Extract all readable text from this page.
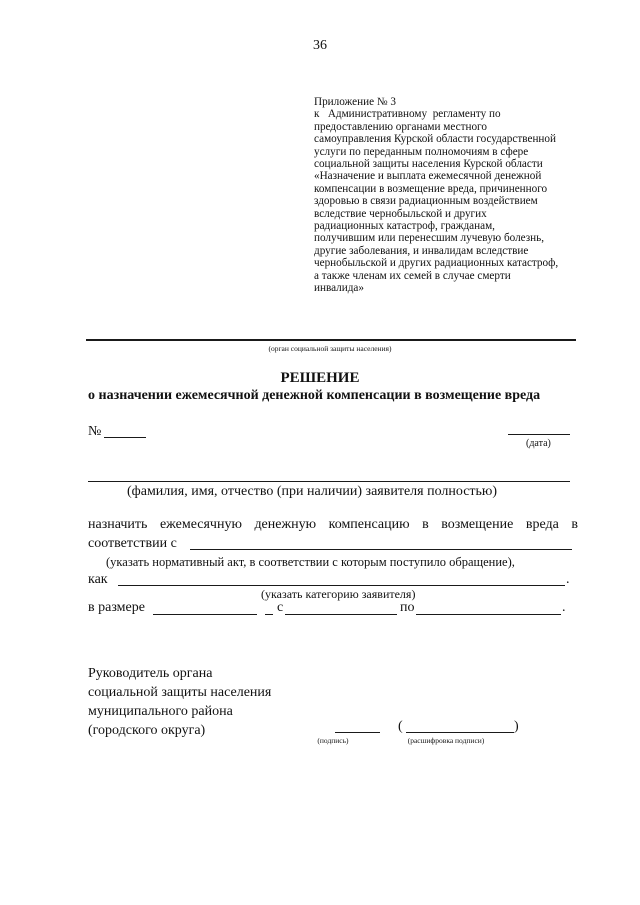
36
Приложение № 3
к   Административному  регламенту по
предоставлению органами местного
самоуправления Курской области государственной
услуги по переданным полномочиям в сфере
социальной защиты населения Курской области
«Назначение и выплата ежемесячной денежной
компенсации в возмещение вреда, причиненного
здоровью в связи радиационным воздействием
вследствие чернобыльской и других
радиационных катастроф, гражданам,
получившим или перенесшим лучевую болезнь,
другие заболевания, и инвалидам вследствие
чернобыльской и других радиационных катастроф,
а также членам их семей в случае смерти
инвалида»
(орган социальной защиты населения)
РЕШЕНИЕ
о назначении ежемесячной денежной компенсации в возмещение вреда
№
(дата)
(фамилия, имя, отчество (при наличии) заявителя полностью)
назначить ежемесячную денежную компенсацию в возмещение вреда в
соответствии с
(указать нормативный акт, в соответствии с которым поступило обращение),
как	.
(указать категорию заявителя)
в размере	с	по	.
Руководитель органа
социальной защиты населения
муниципального района
(городского округа)
(подпись)
(	)
(расшифровка подписи)
